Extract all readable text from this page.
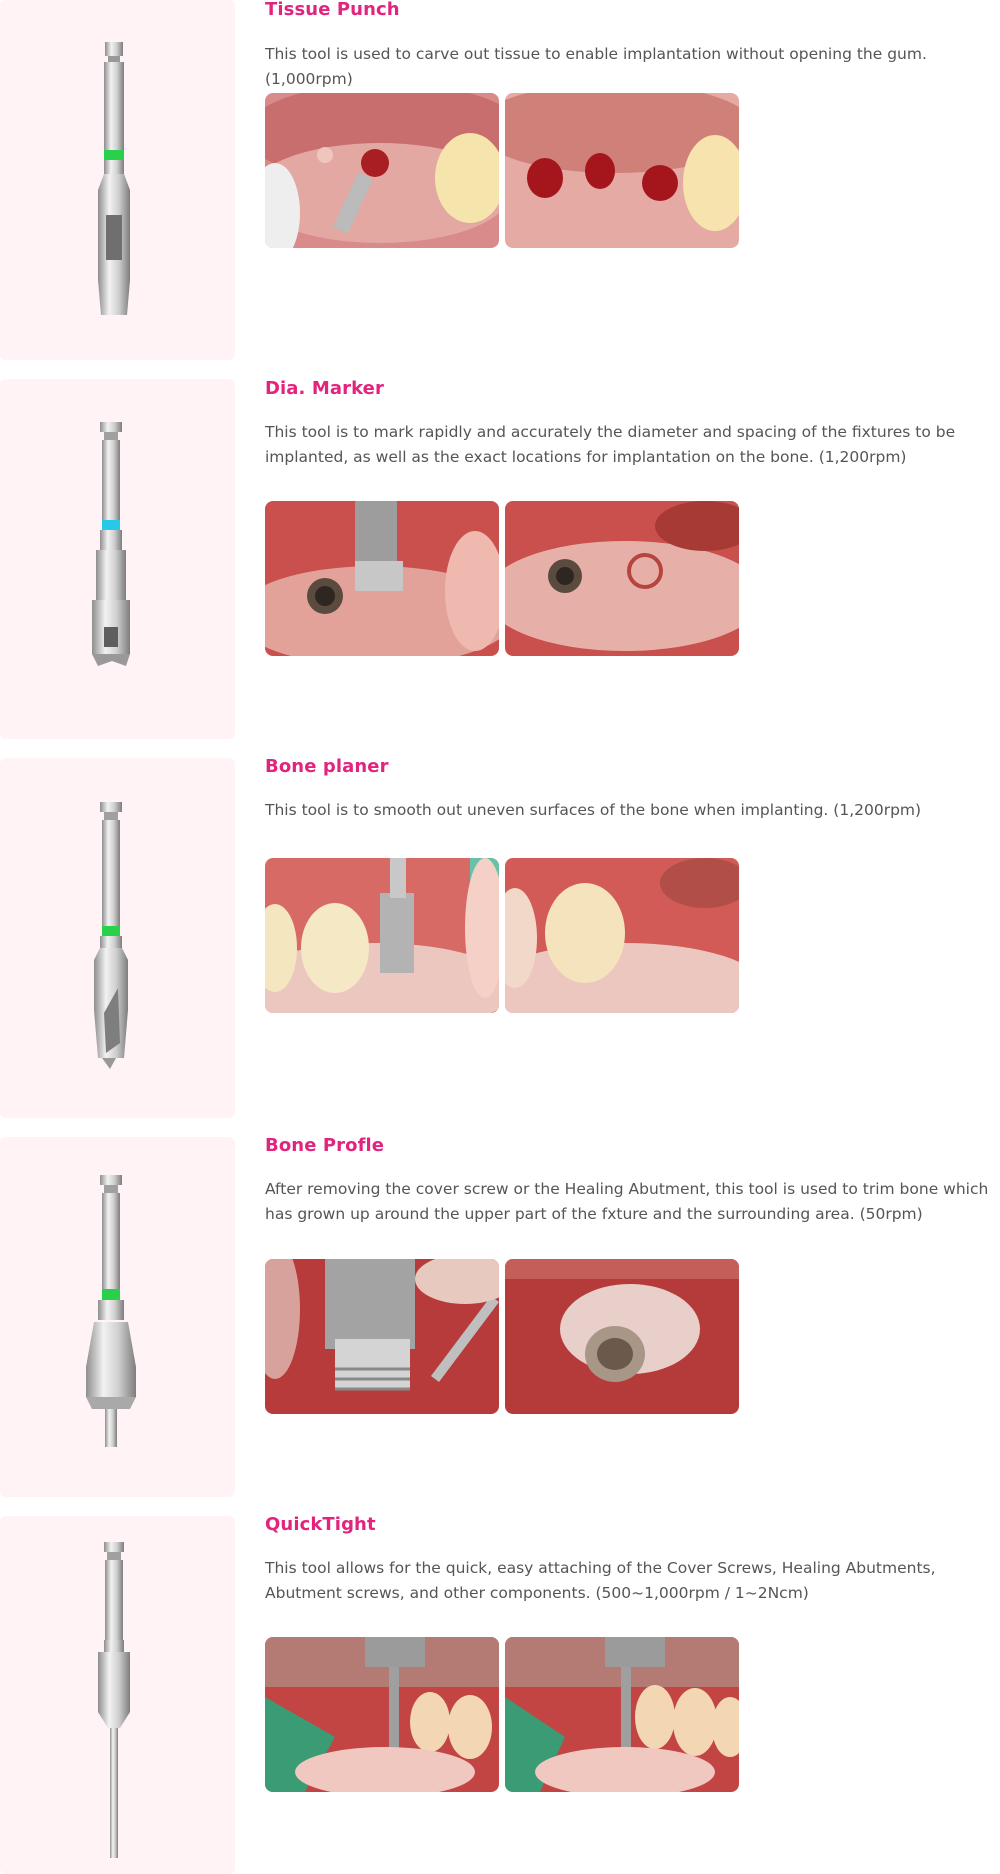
Tissue Punch

This tool is used to carve out tissue to enable implantation without opening the gum. (1,000rpm)

Dia. Marker

This tool is to mark rapidly and accurately the diameter and spacing of the fixtures to be implanted, as well as the exact locations for implantation on the bone. (1,200rpm)

Bone planer

This tool is to smooth out uneven surfaces of the bone when implanting. (1,200rpm)

Bone Profle

After removing the cover screw or the Healing Abutment, this tool is used to trim bone which has grown up around the upper part of the fxture and the surrounding area. (50rpm)

QuickTight

This tool allows for the quick, easy attaching of the Cover Screws, Healing Abutments, Abutment screws, and other components. (500~1,000rpm / 1~2Ncm)
